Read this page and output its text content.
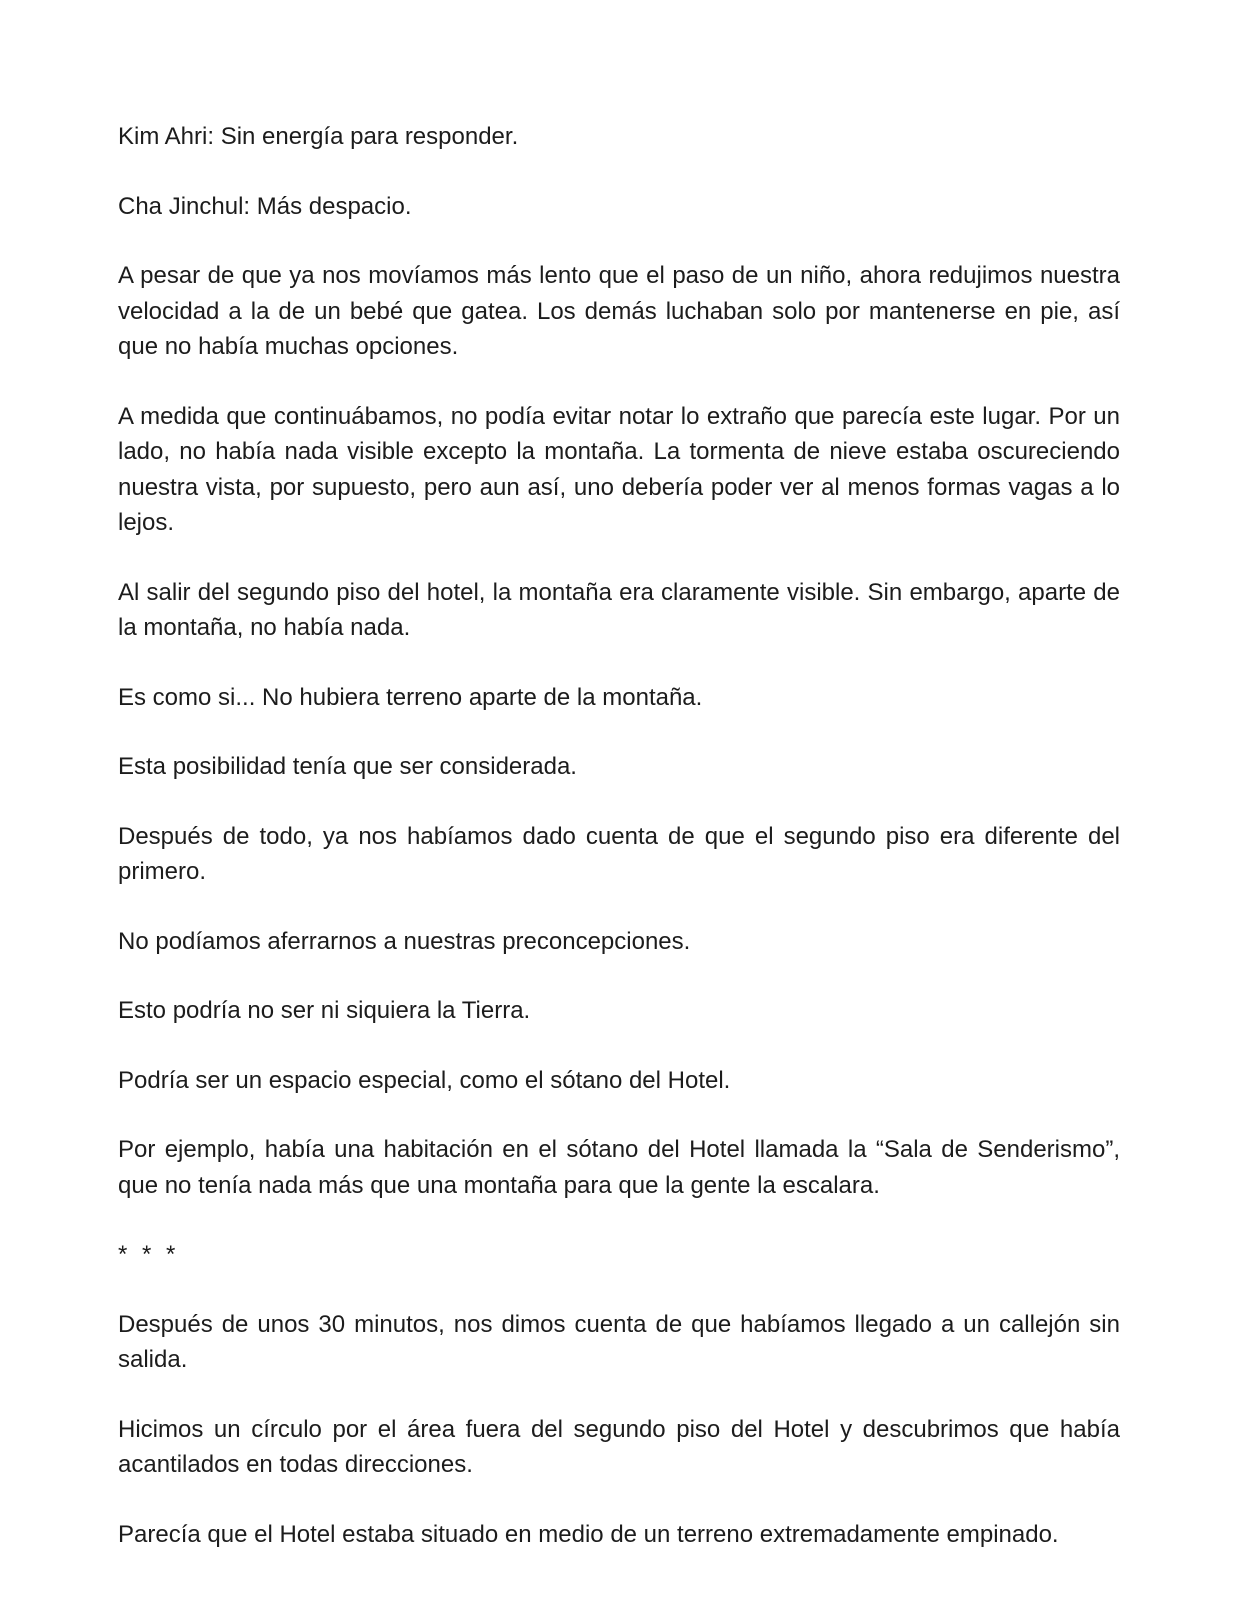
Kim Ahri: Sin energía para responder.

Cha Jinchul: Más despacio.

A pesar de que ya nos movíamos más lento que el paso de un niño, ahora redujimos nuestra velocidad a la de un bebé que gatea. Los demás luchaban solo por mantenerse en pie, así que no había muchas opciones.

A medida que continuábamos, no podía evitar notar lo extraño que parecía este lugar. Por un lado, no había nada visible excepto la montaña. La tormenta de nieve estaba oscureciendo nuestra vista, por supuesto, pero aun así, uno debería poder ver al menos formas vagas a lo lejos.

Al salir del segundo piso del hotel, la montaña era claramente visible. Sin embargo, aparte de la montaña, no había nada.

Es como si... No hubiera terreno aparte de la montaña.

Esta posibilidad tenía que ser considerada.

Después de todo, ya nos habíamos dado cuenta de que el segundo piso era diferente del primero.

No podíamos aferrarnos a nuestras preconcepciones.

Esto podría no ser ni siquiera la Tierra.

Podría ser un espacio especial, como el sótano del Hotel.

Por ejemplo, había una habitación en el sótano del Hotel llamada la “Sala de Senderismo”, que no tenía nada más que una montaña para que la gente la escalara.

* * *

Después de unos 30 minutos, nos dimos cuenta de que habíamos llegado a un callejón sin salida.

Hicimos un círculo por el área fuera del segundo piso del Hotel y descubrimos que había acantilados en todas direcciones.

Parecía que el Hotel estaba situado en medio de un terreno extremadamente empinado.
